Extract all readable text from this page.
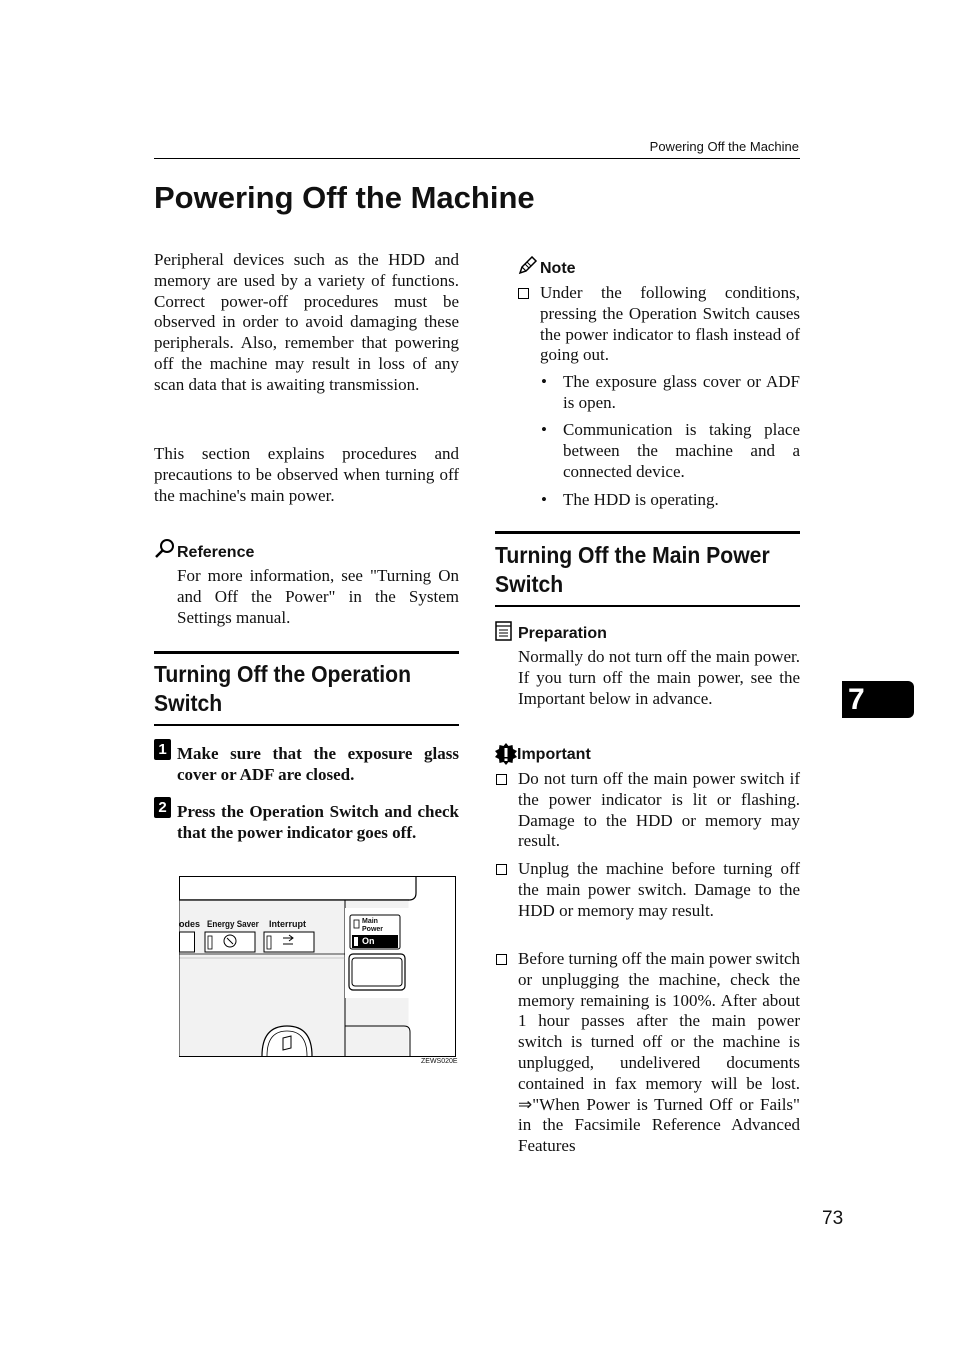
Powering Off the Machine
Powering Off the Machine

Peripheral devices such as the HDD and memory are used by a variety of functions. Correct power-off procedures must be observed in order to avoid damaging these peripherals. Also, remember that powering off the machine may result in loss of any scan data that is awaiting transmission.

This section explains procedures and precautions to be observed when turning off the machine's main power.

Reference

For more information, see "Turning On and Off the Power" in the System Settings manual.

Turning Off the Operation
Switch
1 Make sure that the exposure glass cover or ADF are closed.

2 Press the Operation Switch and check that the power indicator goes off.

odes Energy Saver Interrupt	Main
Power
On
ZEWS020E
Note

Under the following conditions, pressing the Operation Switch causes the power indicator to flash instead of going out.

• The exposure glass cover or ADF is open.

• Communication is taking place between the machine and a connected device.

• The HDD is operating.

Turning Off the Main Power
Switch
Preparation

Normally do not turn off the main power. If you turn off the main power, see the Important below in advance.

Important

Do not turn off the main power switch if the power indicator is lit or flashing. Damage to the HDD or memory may result.

Unplug the machine before turning off the main power switch. Damage to the HDD or memory may result.

Before turning off the main power switch or unplugging the machine, check the memory remaining is 100%. After about 1 hour passes after the main power switch is turned off or the machine is unplugged, undelivered documents contained in fax memory will be lost. ⇒"When Power is Turned Off or Fails" in the Facsimile Reference Advanced Features

7
73
